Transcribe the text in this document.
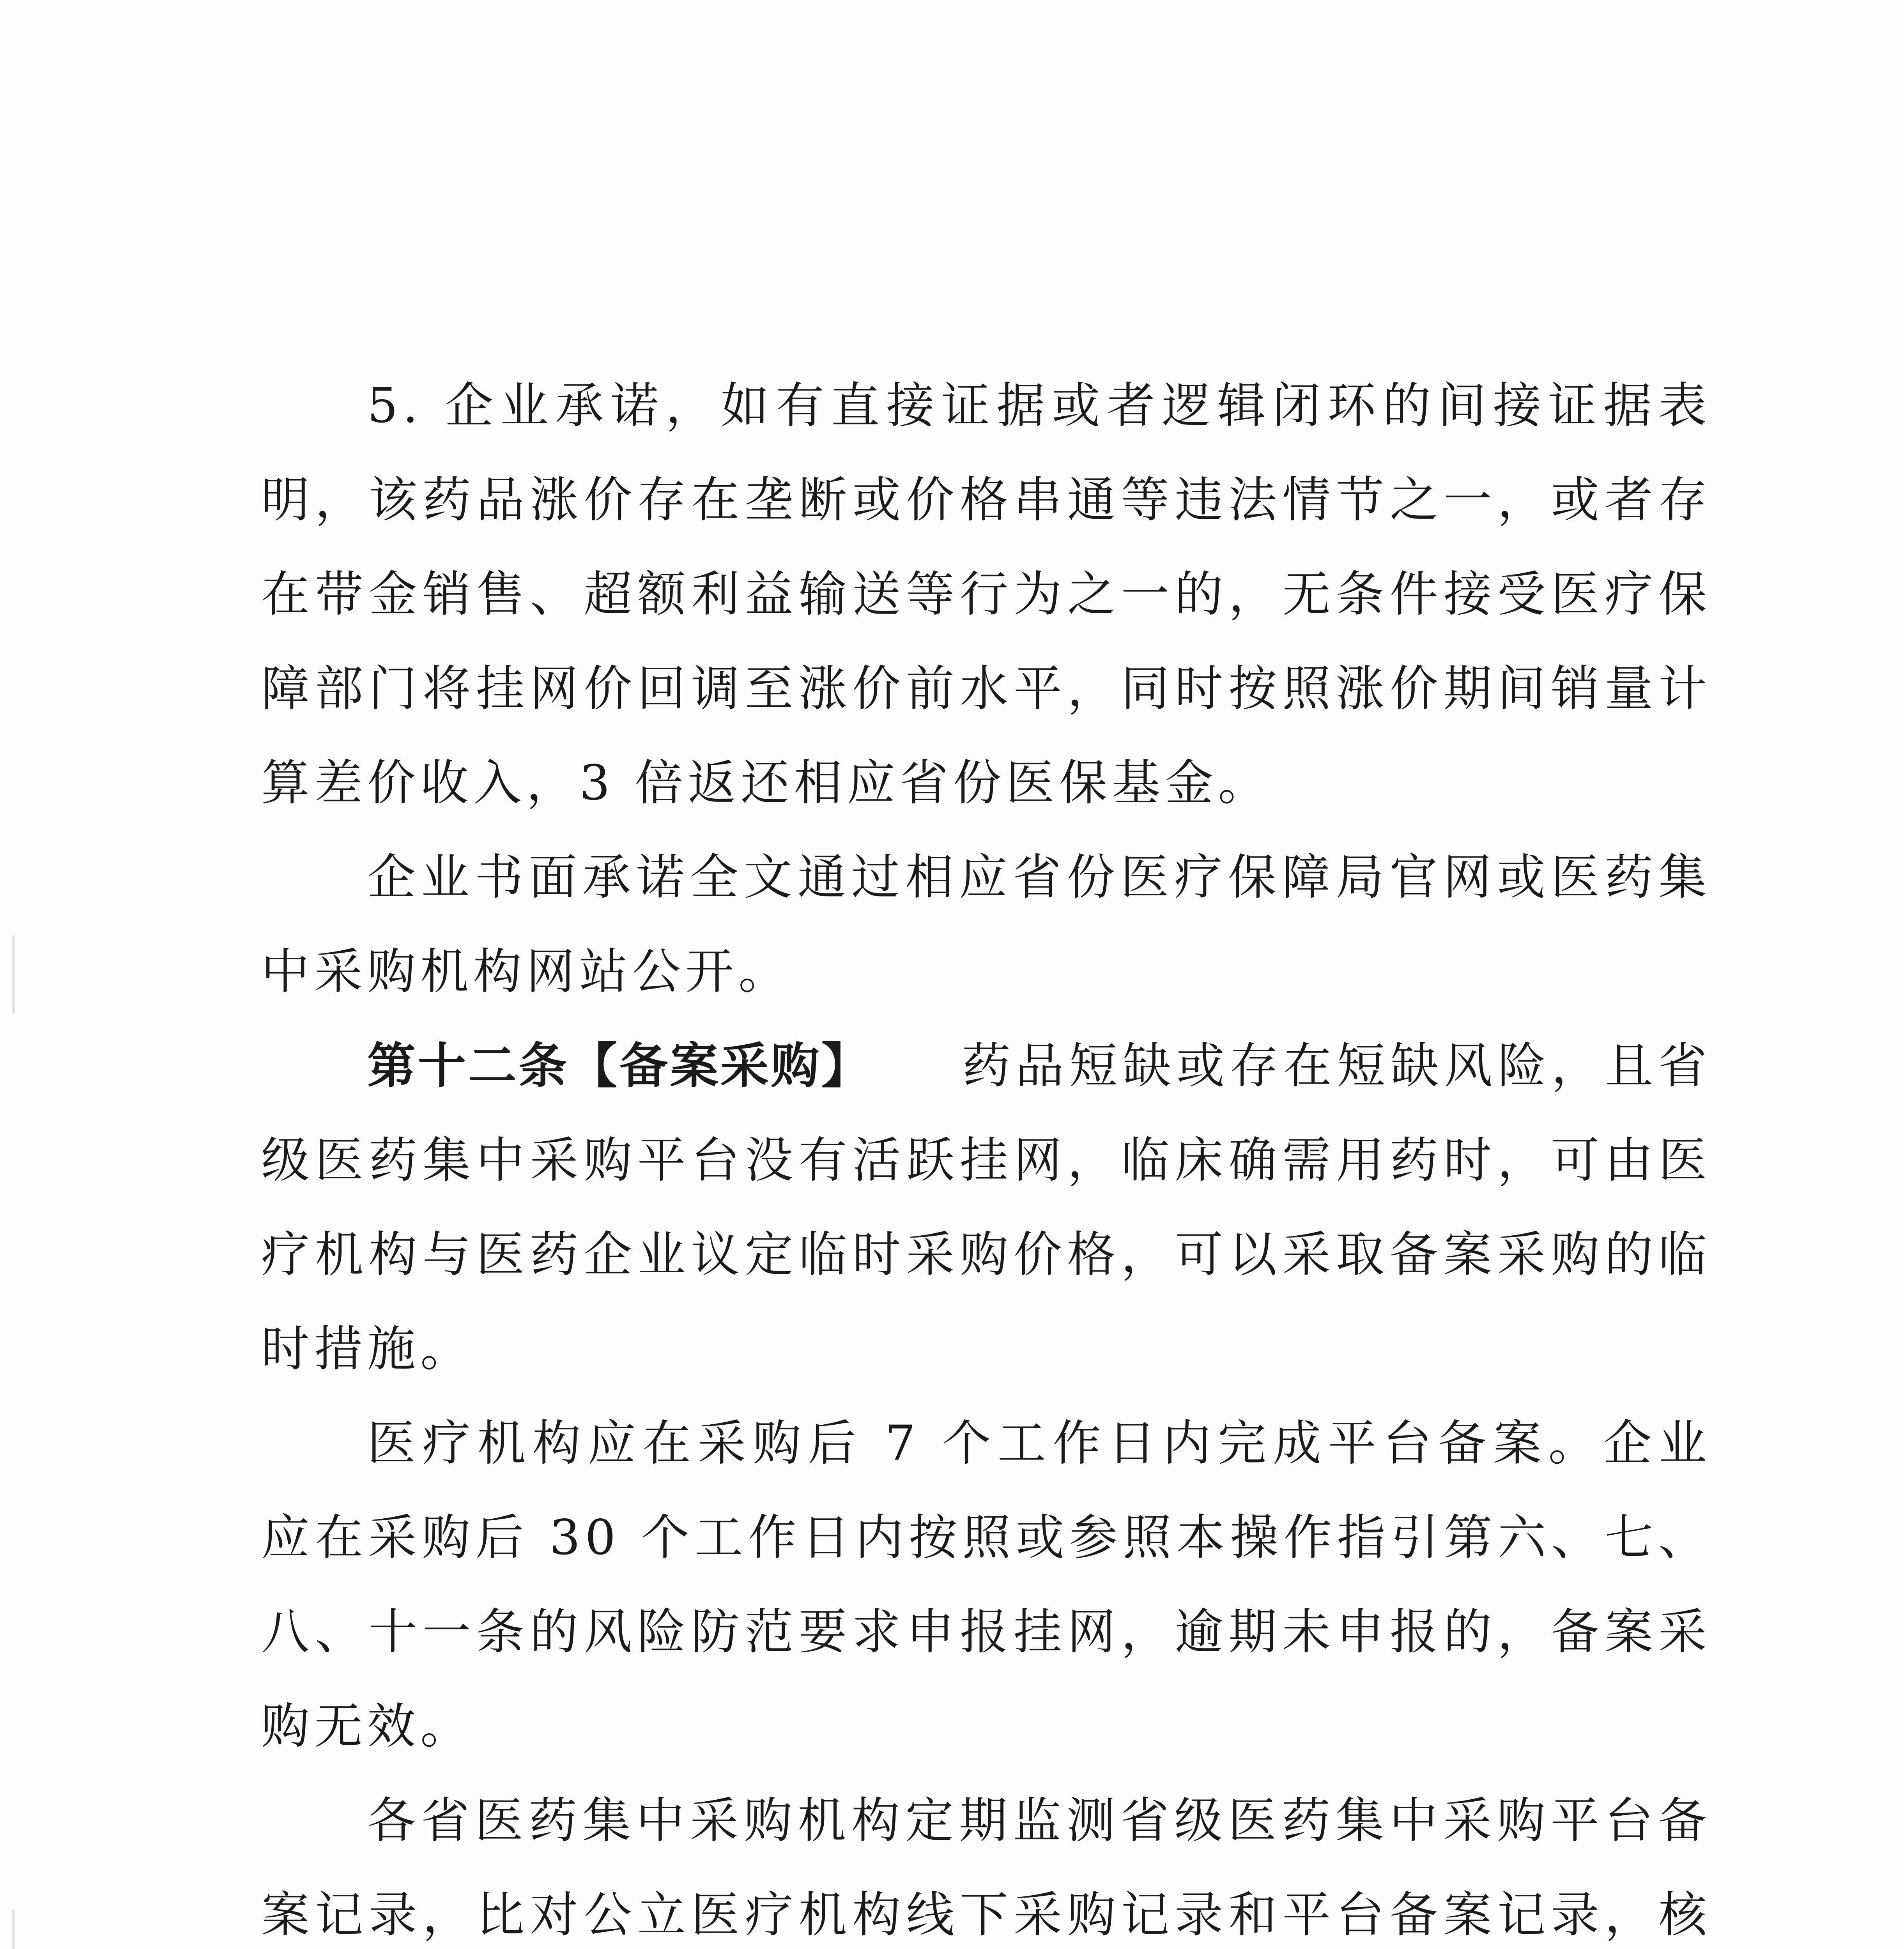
5. 企业承诺，如有直接证据或者逻辑闭环的间接证据表明，该药品涨价存在垄断或价格串通等违法情节之一，或者存在带金销售、超额利益输送等行为之一的，无条件接受医疗保障部门将挂网价回调至涨价前水平，同时按照涨价期间销量计算差价收入，3 倍返还相应省份医保基金。

企业书面承诺全文通过相应省份医疗保障局官网或医药集中采购机构网站公开。

第十二条【备案采购】 药品短缺或存在短缺风险，且省级医药集中采购平台没有活跃挂网，临床确需用药时，可由医疗机构与医药企业议定临时采购价格，可以采取备案采购的临时措施。

医疗机构应在采购后 7 个工作日内完成平台备案。企业应在采购后 30 个工作日内按照或参照本操作指引第六、七、八、十一条的风险防范要求申报挂网，逾期未申报的，备案采购无效。

各省医药集中采购机构定期监测省级医药集中采购平台备案记录，比对公立医疗机构线下采购记录和平台备案记录，核
